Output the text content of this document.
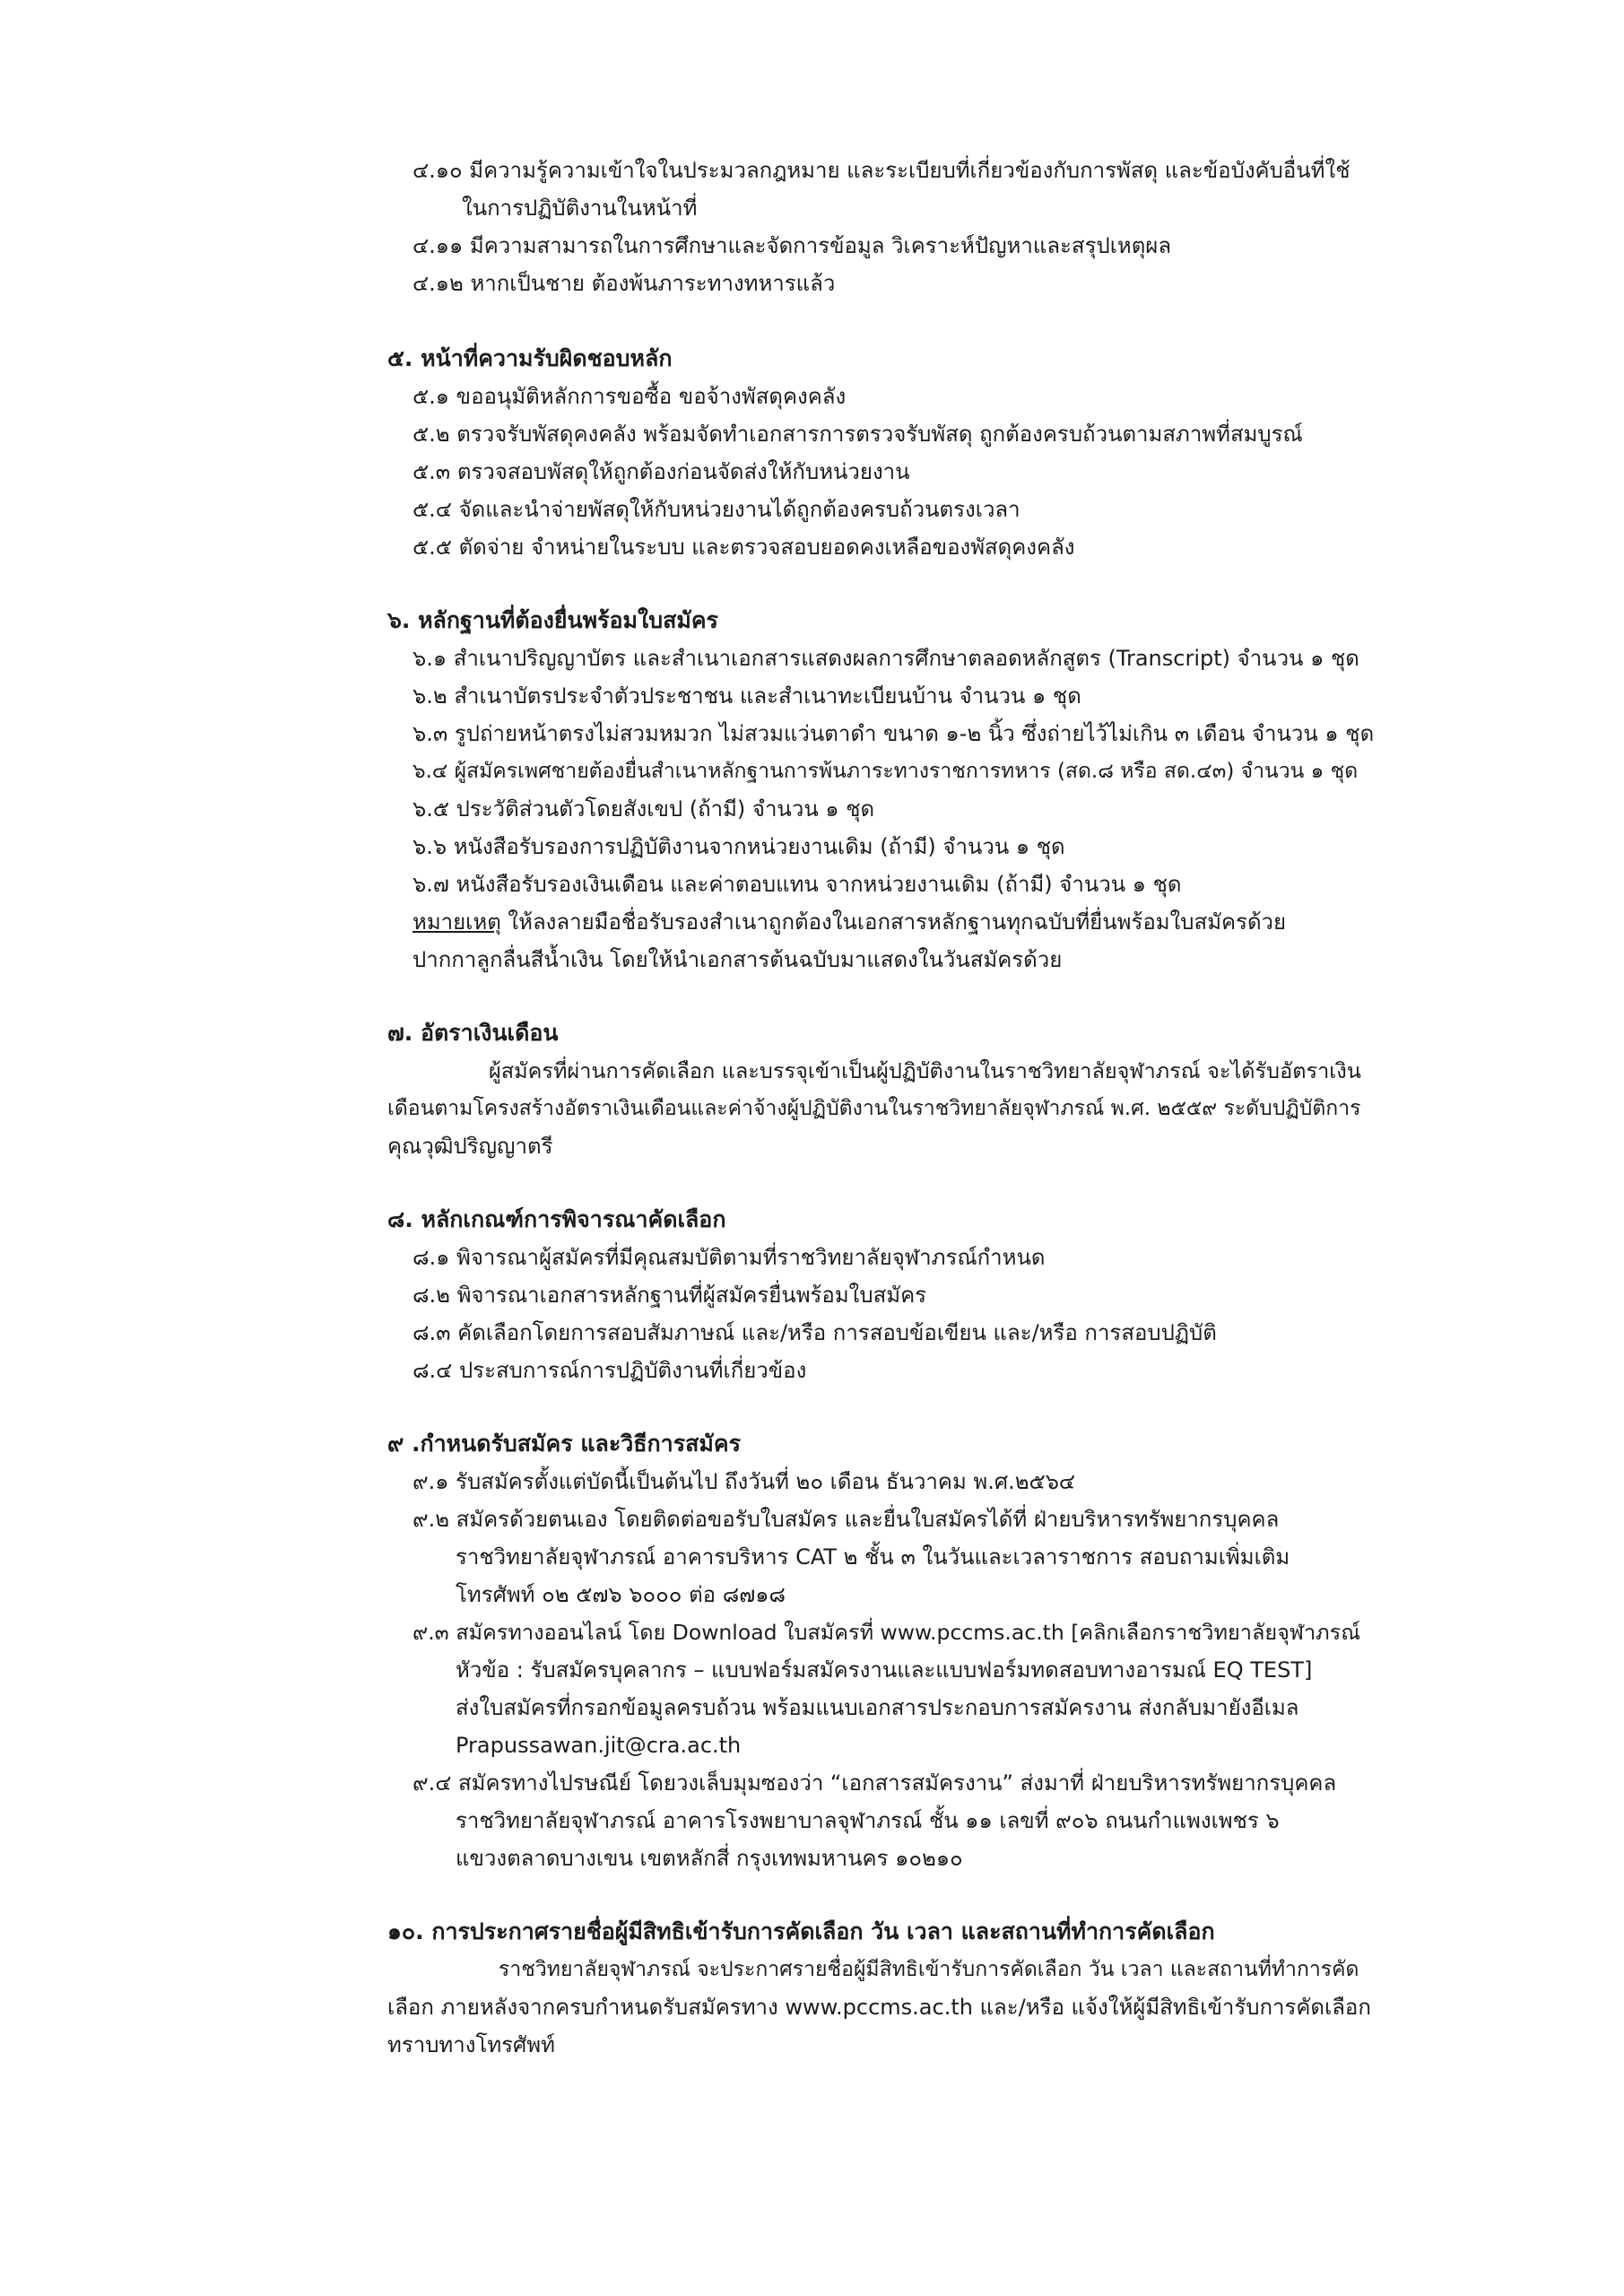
๔.๑๐ มีความรู้ความเข้าใจในประมวลกฎหมาย และระเบียบที่เกี่ยวข้องกับการพัสดุ และข้อบังคับอื่นที่ใช้
ในการปฏิบัติงานในหน้าที่
๔.๑๑ มีความสามารถในการศึกษาและจัดการข้อมูล วิเคราะห์ปัญหาและสรุปเหตุผล
๔.๑๒ หากเป็นชาย ต้องพ้นภาระทางทหารแล้ว
๕. หน้าที่ความรับผิดชอบหลัก
๕.๑ ขออนุมัติหลักการขอซื้อ ขอจ้างพัสดุคงคลัง
๕.๒ ตรวจรับพัสดุคงคลัง พร้อมจัดทำเอกสารการตรวจรับพัสดุ ถูกต้องครบถ้วนตามสภาพที่สมบูรณ์
๕.๓ ตรวจสอบพัสดุให้ถูกต้องก่อนจัดส่งให้กับหน่วยงาน
๕.๔ จัดและนำจ่ายพัสดุให้กับหน่วยงานได้ถูกต้องครบถ้วนตรงเวลา
๕.๕ ตัดจ่าย จำหน่ายในระบบ และตรวจสอบยอดคงเหลือของพัสดุคงคลัง
๖. หลักฐานที่ต้องยื่นพร้อมใบสมัคร
๖.๑ สำเนาปริญญาบัตร และสำเนาเอกสารแสดงผลการศึกษาตลอดหลักสูตร (Transcript) จำนวน ๑ ชุด
๖.๒ สำเนาบัตรประจำตัวประชาชน และสำเนาทะเบียนบ้าน จำนวน ๑ ชุด
๖.๓ รูปถ่ายหน้าตรงไม่สวมหมวก ไม่สวมแว่นตาดำ ขนาด ๑-๒ นิ้ว ซึ่งถ่ายไว้ไม่เกิน ๓ เดือน จำนวน ๑ ชุด
๖.๔ ผู้สมัครเพศชายต้องยื่นสำเนาหลักฐานการพ้นภาระทางราชการทหาร (สด.๘ หรือ สด.๔๓) จำนวน ๑ ชุด
๖.๕ ประวัติส่วนตัวโดยสังเขป (ถ้ามี) จำนวน ๑ ชุด
๖.๖ หนังสือรับรองการปฏิบัติงานจากหน่วยงานเดิม (ถ้ามี) จำนวน ๑ ชุด
๖.๗ หนังสือรับรองเงินเดือน และค่าตอบแทน จากหน่วยงานเดิม (ถ้ามี) จำนวน ๑ ชุด
หมายเหตุ ให้ลงลายมือชื่อรับรองสำเนาถูกต้องในเอกสารหลักฐานทุกฉบับที่ยื่นพร้อมใบสมัครด้วย
ปากกาลูกลื่นสีน้ำเงิน โดยให้นำเอกสารต้นฉบับมาแสดงในวันสมัครด้วย
๗. อัตราเงินเดือน
ผู้สมัครที่ผ่านการคัดเลือก และบรรจุเข้าเป็นผู้ปฏิบัติงานในราชวิทยาลัยจุฬาภรณ์ จะได้รับอัตราเงิน
เดือนตามโครงสร้างอัตราเงินเดือนและค่าจ้างผู้ปฏิบัติงานในราชวิทยาลัยจุฬาภรณ์ พ.ศ. ๒๕๕๙ ระดับปฏิบัติการ
คุณวุฒิปริญญาตรี
๘. หลักเกณฑ์การพิจารณาคัดเลือก
๘.๑ พิจารณาผู้สมัครที่มีคุณสมบัติตามที่ราชวิทยาลัยจุฬาภรณ์กำหนด
๘.๒ พิจารณาเอกสารหลักฐานที่ผู้สมัครยื่นพร้อมใบสมัคร
๘.๓ คัดเลือกโดยการสอบสัมภาษณ์ และ/หรือ การสอบข้อเขียน และ/หรือ การสอบปฏิบัติ
๘.๔ ประสบการณ์การปฏิบัติงานที่เกี่ยวข้อง
๙ .กำหนดรับสมัคร และวิธีการสมัคร
๙.๑ รับสมัครตั้งแต่บัดนี้เป็นต้นไป ถึงวันที่ ๒๐ เดือน ธันวาคม พ.ศ.๒๕๖๔
๙.๒ สมัครด้วยตนเอง โดยติดต่อขอรับใบสมัคร และยื่นใบสมัครได้ที่ ฝ่ายบริหารทรัพยากรบุคคล
ราชวิทยาลัยจุฬาภรณ์ อาคารบริหาร CAT ๒ ชั้น ๓ ในวันและเวลาราชการ สอบถามเพิ่มเติม
โทรศัพท์ ๐๒ ๕๗๖ ๖๐๐๐ ต่อ ๘๗๑๘
๙.๓ สมัครทางออนไลน์ โดย Download ใบสมัครที่ www.pccms.ac.th [คลิกเลือกราชวิทยาลัยจุฬาภรณ์
หัวข้อ : รับสมัครบุคลากร – แบบฟอร์มสมัครงานและแบบฟอร์มทดสอบทางอารมณ์ EQ TEST]
ส่งใบสมัครที่กรอกข้อมูลครบถ้วน พร้อมแนบเอกสารประกอบการสมัครงาน ส่งกลับมายังอีเมล
Prapussawan.jit@cra.ac.th
๙.๔ สมัครทางไปรษณีย์ โดยวงเล็บมุมซองว่า “เอกสารสมัครงาน” ส่งมาที่ ฝ่ายบริหารทรัพยากรบุคคล
ราชวิทยาลัยจุฬาภรณ์ อาคารโรงพยาบาลจุฬาภรณ์ ชั้น ๑๑ เลขที่ ๙๐๖ ถนนกำแพงเพชร ๖
แขวงตลาดบางเขน เขตหลักสี่ กรุงเทพมหานคร ๑๐๒๑๐
๑๐. การประกาศรายชื่อผู้มีสิทธิเข้ารับการคัดเลือก วัน เวลา และสถานที่ทำการคัดเลือก
ราชวิทยาลัยจุฬาภรณ์ จะประกาศรายชื่อผู้มีสิทธิเข้ารับการคัดเลือก วัน เวลา และสถานที่ทำการคัด
เลือก ภายหลังจากครบกำหนดรับสมัครทาง www.pccms.ac.th และ/หรือ แจ้งให้ผู้มีสิทธิเข้ารับการคัดเลือก
ทราบทางโทรศัพท์
